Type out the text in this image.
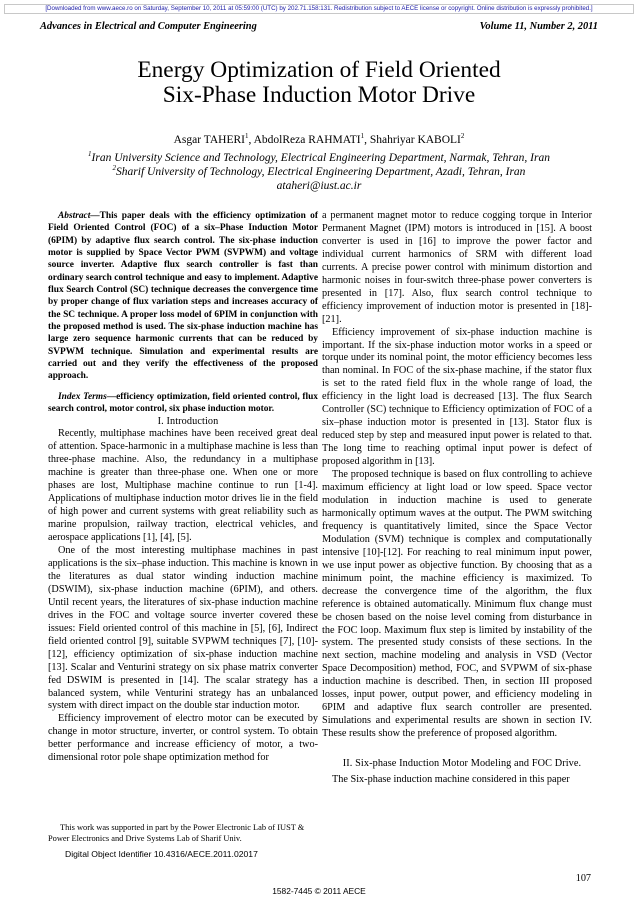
[Downloaded from www.aece.ro on Saturday, September 10, 2011 at 05:59:00 (UTC) by 202.71.158:131. Redistribution subject to AECE license or copyright. Online distribution is expressly prohibited.]
Advances in Electrical and Computer Engineering	Volume 11, Number 2, 2011
Energy Optimization of Field Oriented
Six-Phase Induction Motor Drive
Asgar TAHERI$^1$, AbdolReza RAHMATI$^1$, Shahriyar KABOLI$^2$
$^1$Iran University Science and Technology, Electrical Engineering Department, Narmak, Tehran, Iran
$^2$Sharif University of Technology, Electrical Engineering Department, Azadi, Tehran, Iran
ataheri@iust.ac.ir

Abstract—This paper deals with the efficiency optimization of Field Oriented Control (FOC) of a six–Phase Induction Motor (6PIM) by adaptive flux search control. The six-phase induction motor is supplied by Space Vector PWM (SVPWM) and voltage source inverter. Adaptive flux search controller is fast than ordinary search control technique and easy to implement. Adaptive flux Search Control (SC) technique decreases the convergence time by proper change of flux variation steps and increases accuracy of the SC technique. A proper loss model of 6PIM in conjunction with the proposed method is used. The six-phase induction machine has large zero sequence harmonic currents that can be reduced by SVPWM technique. Simulation and experimental results are carried out and they verify the effectiveness of the proposed approach.

Index Terms—efficiency optimization, field oriented control, flux search control, motor control, six phase induction motor.

I. Introduction

Recently, multiphase machines have been received great deal of attention. Space-harmonic in a multiphase machine is less than three-phase machine. Also, the redundancy in a multiphase machine is greater than three-phase one. When one or more phases are lost, Multiphase machine continue to run [1-4]. Applications of multiphase induction motor drives lie in the field of high power and current systems with great reliability such as marine propulsion, railway traction, electrical vehicles, and aerospace applications [1], [4], [5].

One of the most interesting multiphase machines in past applications is the six–phase induction. This machine is known in the literatures as dual stator winding induction machine (DSWIM), six-phase induction machine (6PIM), and others. Until recent years, the literatures of six-phase induction machine drives in the FOC and voltage source inverter covered these issues: Field oriented control of this machine in [5], [6], Indirect field oriented control [9], suitable SVPWM techniques [7], [10]-[12], efficiency optimization of six-phase induction machine [13]. Scalar and Venturini strategy on six phase matrix converter fed DSWIM is presented in [14]. The scalar strategy has a balanced system, while Venturini strategy has an unbalanced system with direct impact on the double star induction motor.

Efficiency improvement of electro motor can be executed by change in motor structure, inverter, or control system. To obtain better performance and increase efficiency of motor, a two-dimensional rotor pole shape optimization method for

a permanent magnet motor to reduce cogging torque in Interior Permanent Magnet (IPM) motors is introduced in [15]. A boost converter is used in [16] to improve the power factor and individual current harmonics of SRM with different load currents. A precise power control with minimum distortion and harmonic noises in four-switch three-phase power converters is presented in [17]. Also, flux search control technique to efficiency improvement of induction motor is presented in [18]-[21].

Efficiency improvement of six-phase induction machine is important. If the six-phase induction motor works in a speed or torque under its nominal point, the motor efficiency becomes less than nominal. In FOC of the six-phase machine, if the stator flux is set to the rated field flux in the whole range of load, the efficiency in the light load is decreased [13]. The flux Search Controller (SC) technique to Efficiency optimization of FOC of a six–phase induction motor is presented in [13]. Stator flux is reduced step by step and measured input power is related to that. The long time to reaching optimal input power is defect of proposed algorithm in [13].

The proposed technique is based on flux controlling to achieve maximum efficiency at light load or low speed. Space vector modulation in induction machine is used to generate harmonically optimum waves at the output. The PWM switching frequency is quantitatively limited, since the Space Vector Modulation (SVM) technique is complex and computationally intensive [10]-[12]. For reaching to real minimum input power, we use input power as objective function. By choosing that as a minimum point, the machine efficiency is maximized. To decrease the convergence time of the algorithm, the flux reference is obtained automatically. Minimum flux change must be chosen based on the noise level coming from disturbance in the FOC loop. Maximum flux step is limited by instability of the system. The presented study consists of these sections. In the next section, machine modeling and analysis in VSD (Vector Space Decomposition) method, FOC, and SVPWM of six-phase induction machine is described. Then, in section III proposed losses, input power, output power, and efficiency modeling in 6PIM and adaptive flux search controller are presented. Simulations and experimental results are shown in section IV. These results show the preference of proposed algorithm.

II. Six-phase Induction Motor Modeling and FOC Drive.

The Six-phase induction machine considered in this paper

This work was supported in part by the Power Electronic Lab of IUST & Power Electronics and Drive Systems Lab of Sharif Univ.
Digital Object Identifier 10.4316/AECE.2011.02017
107
1582-7445 © 2011 AECE
